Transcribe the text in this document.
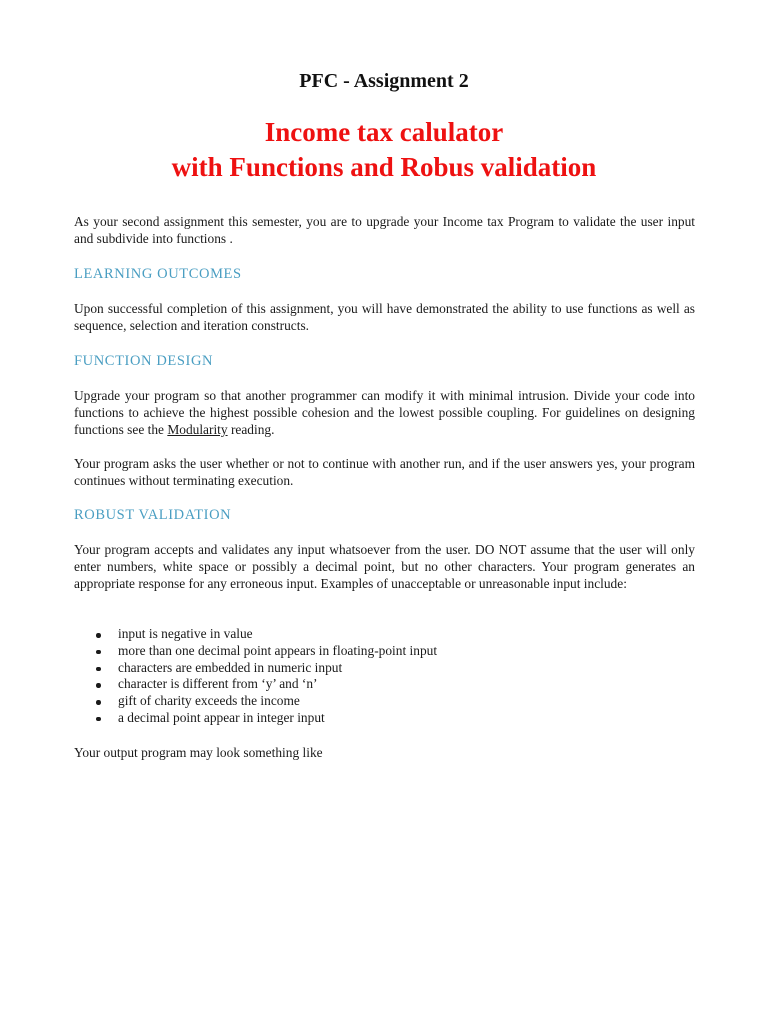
PFC - Assignment 2
Income tax calulator
with Functions and Robus validation

As your second assignment this semester, you are to upgrade your Income tax Program to validate the user input and subdivide into functions .

LEARNING OUTCOMES

Upon successful completion of this assignment, you will have demonstrated the ability to use functions as well as sequence, selection and iteration constructs.

FUNCTION DESIGN

Upgrade your program so that another programmer can modify it with minimal intrusion. Divide your code into functions to achieve the highest possible cohesion and the lowest possible coupling. For guidelines on designing functions see the Modularity reading.

Your program asks the user whether or not to continue with another run, and if the user answers yes, your program continues without terminating execution.

ROBUST VALIDATION

Your program accepts and validates any input whatsoever from the user. DO NOT assume that the user will only enter numbers, white space or possibly a decimal point, but no other characters. Your program generates an appropriate response for any erroneous input. Examples of unacceptable or unreasonable input include:

input is negative in value
more than one decimal point appears in floating-point input
characters are embedded in numeric input
character is different from ‘y’ and ‘n’
gift of charity exceeds the income
a decimal point appear in integer input

Your output program may look something like
